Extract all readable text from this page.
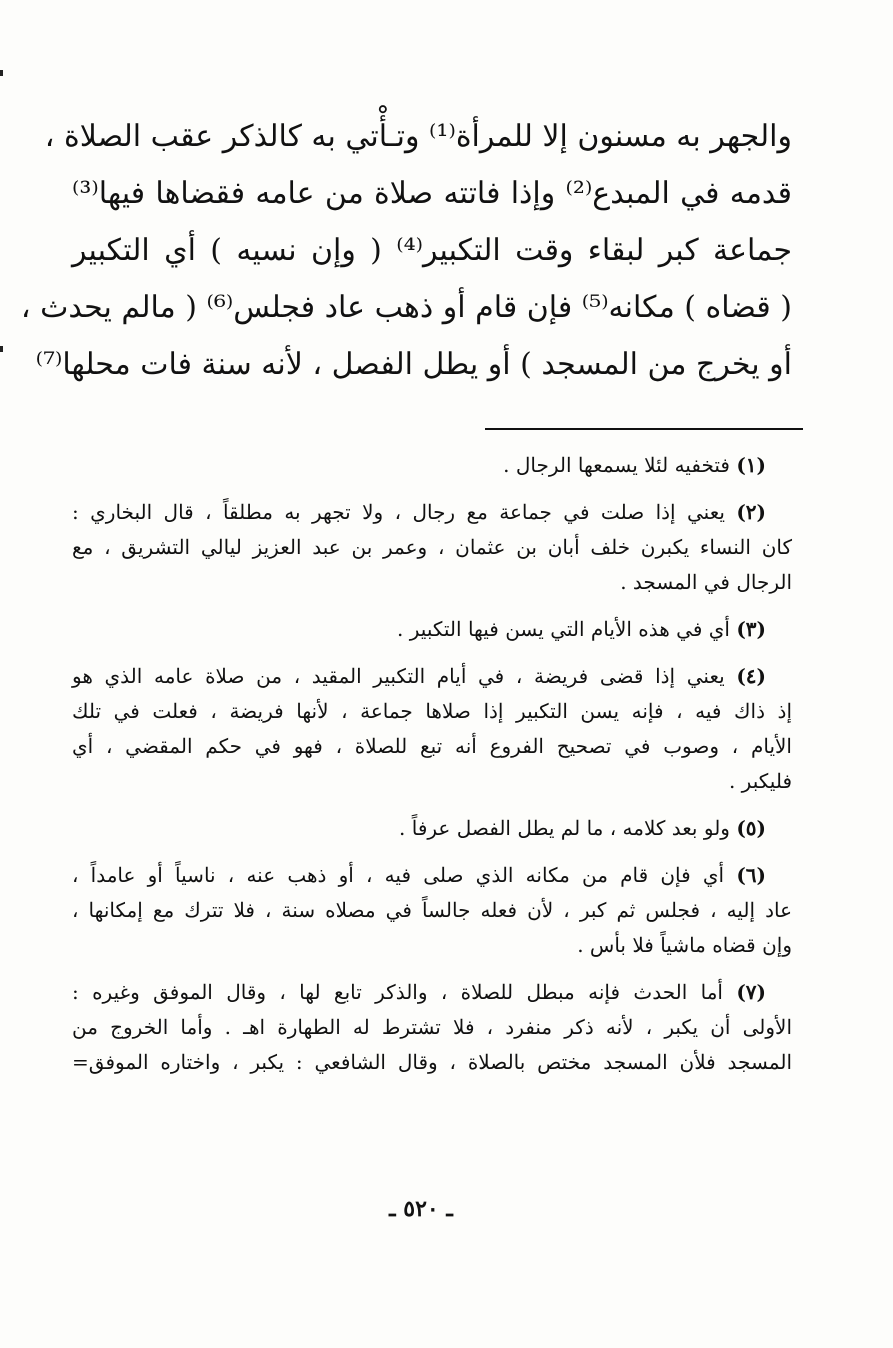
والجهر به مسنون إلا للمرأة⁽¹⁾ وتـأْتي به كالذكر عقب الصلاة ،
قدمه في المبدع⁽²⁾ وإذا فاتته صلاة من عامه فقضاها فيها⁽³⁾
جماعة كبر لبقاء وقت التكبير⁽⁴⁾ ( وإن نسيه ) أي التكبير
( قضاه ) مكانه⁽⁵⁾ فإن قام أو ذهب عاد فجلس⁽⁶⁾ ( مالم يحدث ،
أو يخرج من المسجد ) أو يطل الفصل ، لأنه سنة فات محلها⁽⁷⁾
(١) فتخفيه لئلا يسمعها الرجال .
(٢) يعني إذا صلت في جماعة مع رجال ، ولا تجهر به مطلقاً ، قال البخاري :
كان النساء يكبرن خلف أبان بن عثمان ، وعمر بن عبد العزيز ليالي التشريق ، مع
الرجال في المسجد .
(٣) أي في هذه الأيام التي يسن فيها التكبير .
(٤) يعني إذا قضى فريضة ، في أيام التكبير المقيد ، من صلاة عامه الذي هو
إذ ذاك فيه ، فإنه يسن التكبير إذا صلاها جماعة ، لأنها فريضة ، فعلت في تلك
الأيام ، وصوب في تصحيح الفروع أنه تبع للصلاة ، فهو في حكم المقضي ، أي
فليكبر .
(٥) ولو بعد كلامه ، ما لم يطل الفصل عرفاً .
(٦) أي فإن قام من مكانه الذي صلى فيه ، أو ذهب عنه ، ناسياً أو عامداً ،
عاد إليه ، فجلس ثم كبر ، لأن فعله جالساً في مصلاه سنة ، فلا تترك مع إمكانها ،
وإن قضاه ماشياً فلا بأس .
(٧) أما الحدث فإنه مبطل للصلاة ، والذكر تابع لها ، وقال الموفق وغيره :
الأولى أن يكبر ، لأنه ذكر منفرد ، فلا تشترط له الطهارة اهـ . وأما الخروج من
المسجد فلأن المسجد مختص بالصلاة ، وقال الشافعي : يكبر ، واختاره الموفق=
ـ ٥٢٠ ـ
